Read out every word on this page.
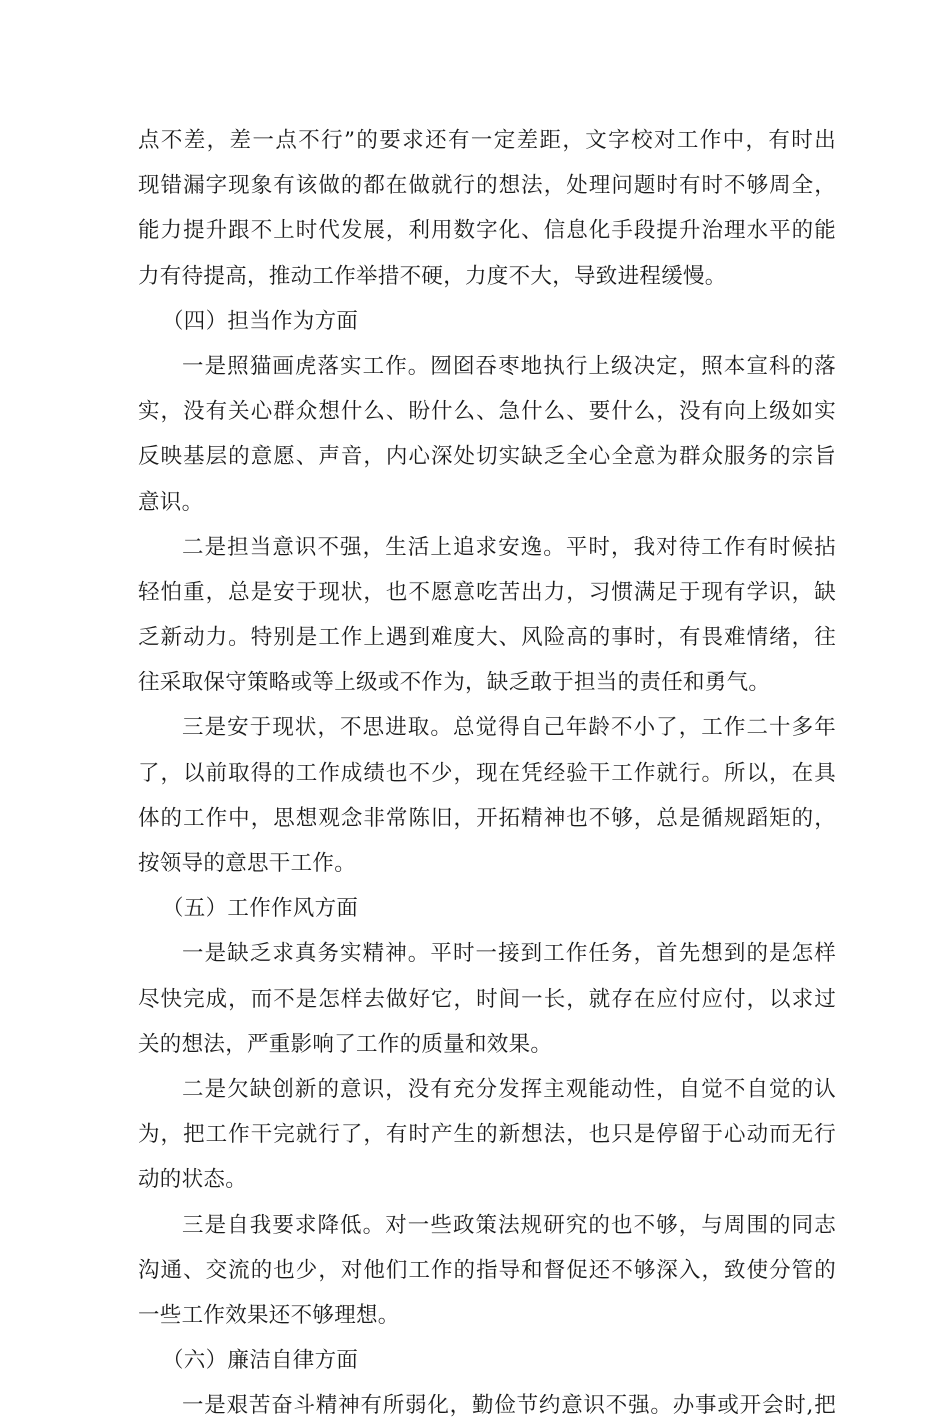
点不差，差一点不行”的要求还有一定差距，文字校对工作中，有时出
现错漏字现象有该做的都在做就行的想法，处理问题时有时不够周全，
能力提升跟不上时代发展，利用数字化、信息化手段提升治理水平的能
力有待提高，推动工作举措不硬，力度不大，导致进程缓慢。
（四）担当作为方面
一是照猫画虎落实工作。囫囵吞枣地执行上级决定，照本宣科的落
实，没有关心群众想什么、盼什么、急什么、要什么，没有向上级如实
反映基层的意愿、声音，内心深处切实缺乏全心全意为群众服务的宗旨
意识。
二是担当意识不强，生活上追求安逸。平时，我对待工作有时候拈
轻怕重，总是安于现状，也不愿意吃苦出力，习惯满足于现有学识，缺
乏新动力。特别是工作上遇到难度大、风险高的事时，有畏难情绪，往
往采取保守策略或等上级或不作为，缺乏敢于担当的责任和勇气。
三是安于现状，不思进取。总觉得自己年龄不小了，工作二十多年
了，以前取得的工作成绩也不少，现在凭经验干工作就行。所以，在具
体的工作中，思想观念非常陈旧，开拓精神也不够，总是循规蹈矩的，
按领导的意思干工作。
（五）工作作风方面
一是缺乏求真务实精神。平时一接到工作任务，首先想到的是怎样
尽快完成，而不是怎样去做好它，时间一长，就存在应付应付，以求过
关的想法，严重影响了工作的质量和效果。
二是欠缺创新的意识，没有充分发挥主观能动性，自觉不自觉的认
为，把工作干完就行了，有时产生的新想法，也只是停留于心动而无行
动的状态。
三是自我要求降低。对一些政策法规研究的也不够，与周围的同志
沟通、交流的也少，对他们工作的指导和督促还不够深入，致使分管的
一些工作效果还不够理想。
（六）廉洁自律方面
一是艰苦奋斗精神有所弱化，勤俭节约意识不强。办事或开会时,把
